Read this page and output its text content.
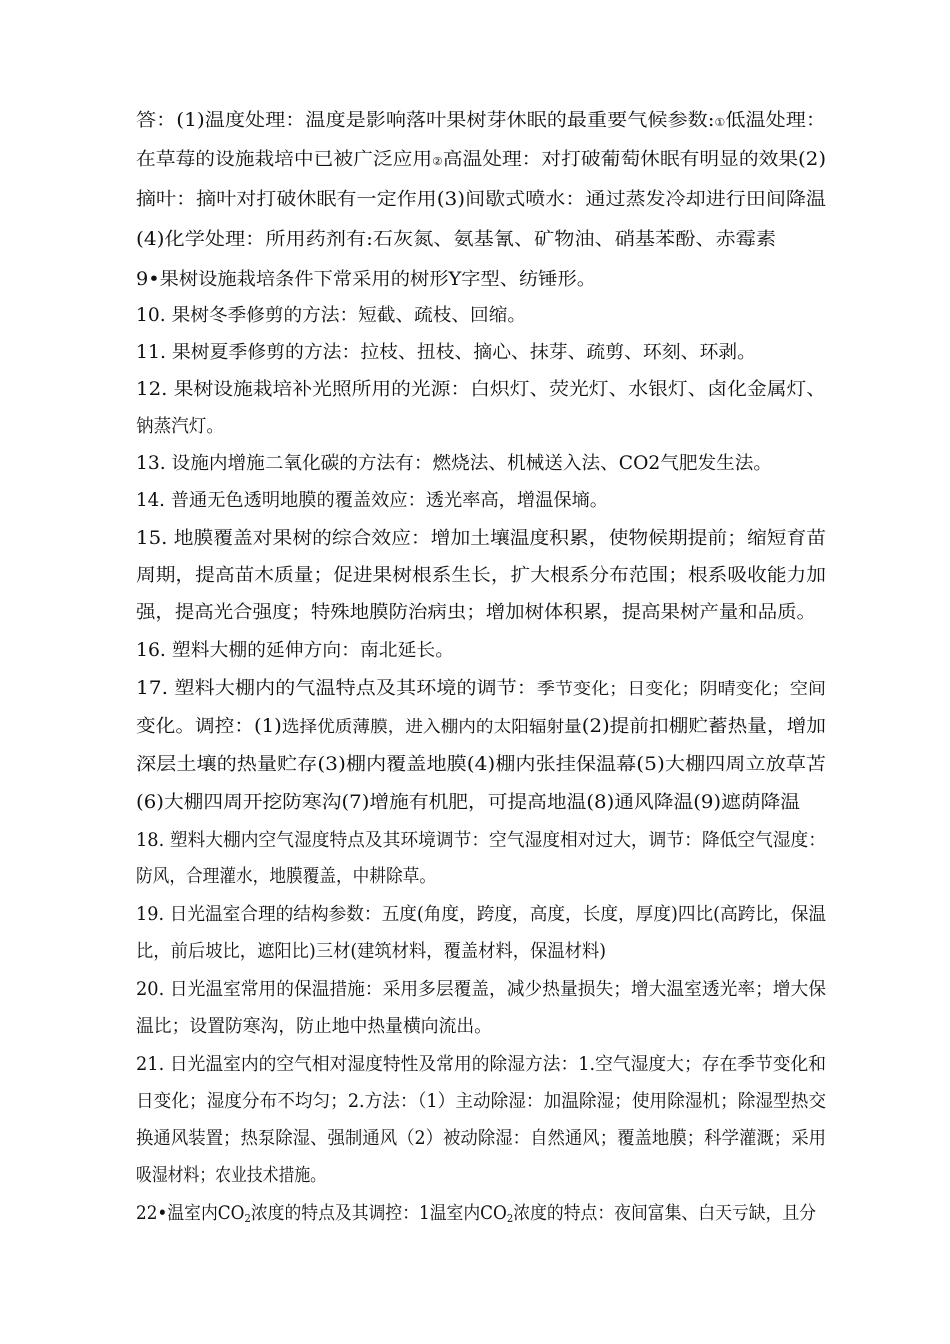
答：(1)温度处理：温度是影响落叶果树芽休眠的最重要气候参数:①低温处理：
在草莓的设施栽培中已被广泛应用②高温处理：对打破葡萄休眠有明显的效果(2)
摘叶：摘叶对打破休眠有一定作用(3)间歇式喷水：通过蒸发冷却进行田间降温
(4)化学处理：所用药剂有:石灰氮、氨基氰、矿物油、硝基苯酚、赤霉素
9•果树设施栽培条件下常采用的树形Y字型、纺锤形。
10. 果树冬季修剪的方法：短截、疏枝、回缩。
11. 果树夏季修剪的方法：拉枝、扭枝、摘心、抹芽、疏剪、环刻、环剥。
12. 果树设施栽培补光照所用的光源：白炽灯、荧光灯、水银灯、卤化金属灯、
钠蒸汽灯。
13. 设施内增施二氧化碳的方法有：燃烧法、机械送入法、CO2气肥发生法。
14. 普通无色透明地膜的覆盖效应：透光率高，增温保墒。
15. 地膜覆盖对果树的综合效应：增加土壤温度积累，使物候期提前；缩短育苗
周期，提高苗木质量；促进果树根系生长，扩大根系分布范围；根系吸收能力加
强，提高光合强度；特殊地膜防治病虫；增加树体积累，提高果树产量和品质。
16. 塑料大棚的延伸方向：南北延长。
17. 塑料大棚内的气温特点及其环境的调节：季节变化；日变化；阴晴变化；空间
变化。调控：(1)选择优质薄膜，进入棚内的太阳辐射量(2)提前扣棚贮蓄热量，增加
深层土壤的热量贮存(3)棚内覆盖地膜(4)棚内张挂保温幕(5)大棚四周立放草苫
(6)大棚四周开挖防寒沟(7)增施有机肥，可提高地温(8)通风降温(9)遮荫降温
18. 塑料大棚内空气湿度特点及其环境调节：空气湿度相对过大，调节：降低空气湿度：
防风，合理灌水，地膜覆盖，中耕除草。
19. 日光温室合理的结构参数：五度(角度，跨度，高度，长度，厚度)四比(高跨比，保温
比，前后坡比，遮阳比)三材(建筑材料，覆盖材料，保温材料)
20. 日光温室常用的保温措施：采用多层覆盖，减少热量损失；增大温室透光率；增大保
温比；设置防寒沟，防止地中热量横向流出。
21. 日光温室内的空气相对湿度特性及常用的除湿方法：1.空气湿度大；存在季节变化和
日变化；湿度分布不均匀；2.方法：（1）主动除湿：加温除湿；使用除湿机；除湿型热交
换通风装置；热泵除湿、强制通风（2）被动除湿：自然通风；覆盖地膜；科学灌溉；采用
吸湿材料；农业技术措施。
22•温室内$CO_2$浓度的特点及其调控：1温室内$CO_2$浓度的特点：夜间富集、白天亏缺，且分
